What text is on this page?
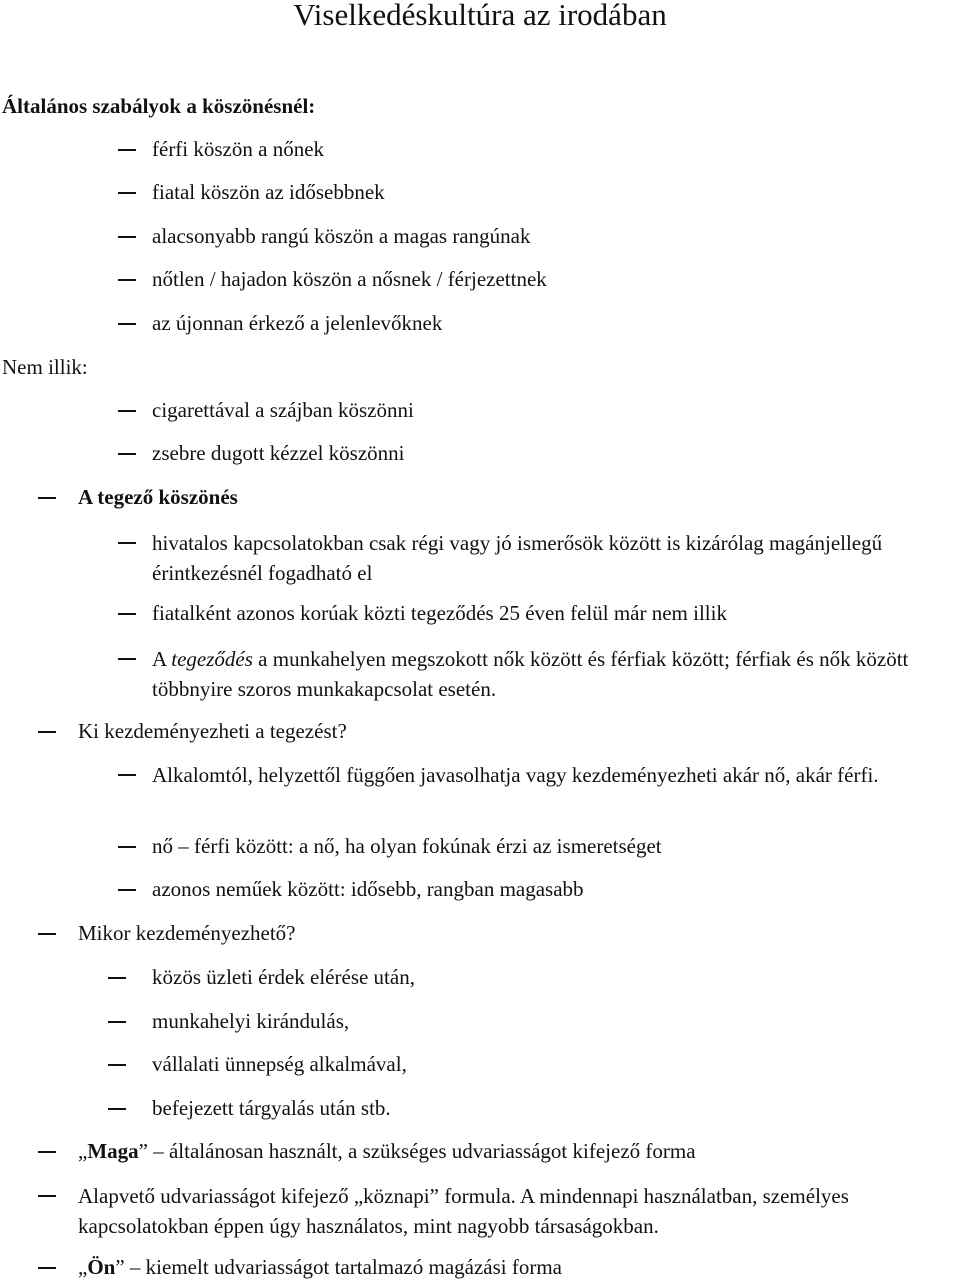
Viselkedéskultúra az irodában
Általános szabályok a köszönésnél:
férfi köszön a nőnek
fiatal köszön az idősebbnek
alacsonyabb rangú köszön a magas rangúnak
nőtlen / hajadon köszön a nősnek / férjezettnek
az újonnan érkező a jelenlevőknek
Nem illik:
cigarettával a szájban köszönni
zsebre dugott kézzel köszönni
A tegező köszönés
hivatalos kapcsolatokban csak régi vagy jó ismerősök között is kizárólag magánjellegű érintkezésnél fogadható el
fiatalként azonos korúak közti tegeződés 25 éven felül már nem illik
A tegeződés a munkahelyen megszokott nők között és férfiak között; férfiak és nők között többnyire szoros munkakapcsolat esetén.
Ki kezdeményezheti a tegezést?
Alkalomtól, helyzettől függően javasolhatja vagy kezdeményezheti akár nő, akár férfi.
nő – férfi között: a nő, ha olyan fokúnak érzi az ismeretséget
azonos neműek között: idősebb, rangban magasabb
Mikor kezdeményezhető?
közös üzleti érdek elérése után,
munkahelyi kirándulás,
vállalati ünnepség alkalmával,
befejezett tárgyalás után stb.
„Maga” – általánosan használt, a szükséges udvariasságot kifejező forma
Alapvető udvariasságot kifejező „köznapi” formula. A mindennapi használatban, személyes kapcsolatokban éppen úgy használatos, mint nagyobb társaságokban.
„Ön” – kiemelt udvariasságot tartalmazó magázási forma
